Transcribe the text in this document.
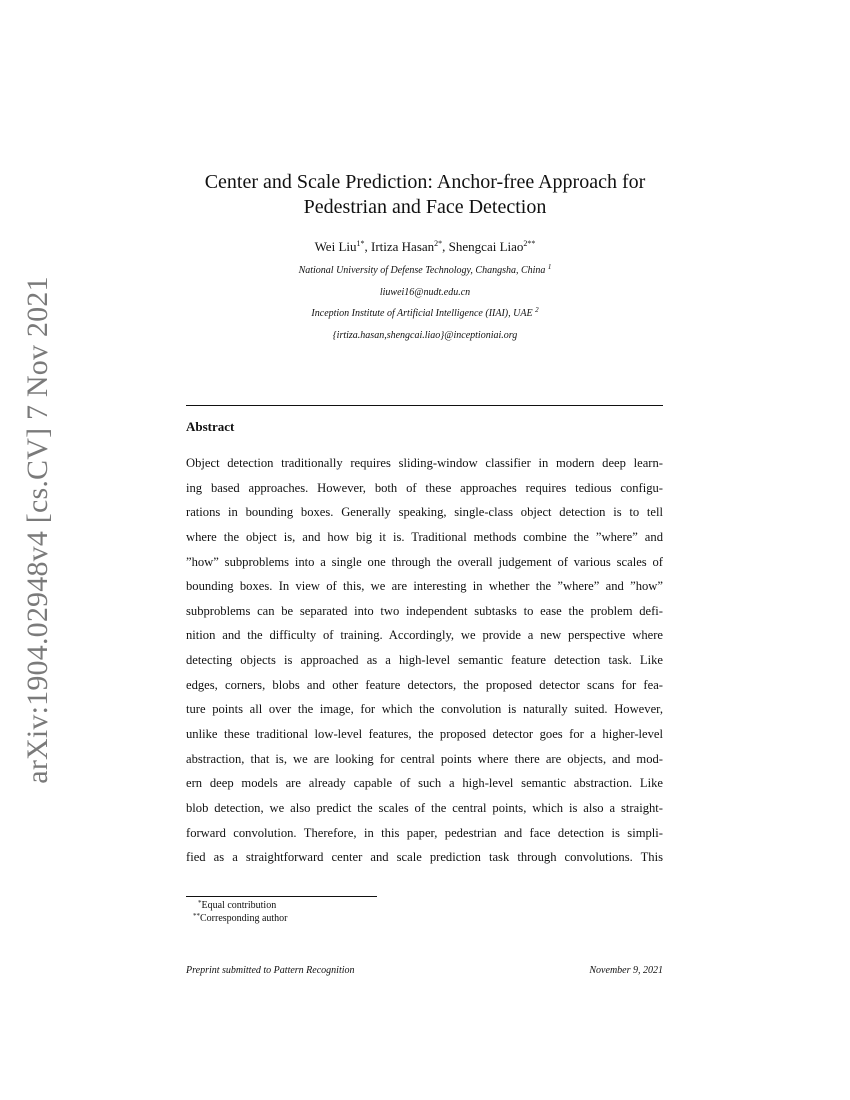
arXiv:1904.02948v4 [cs.CV] 7 Nov 2021
Center and Scale Prediction: Anchor-free Approach for
Pedestrian and Face Detection
Wei Liu$^{1*}$, Irtiza Hasan$^{2*}$, Shengcai Liao$^{2**}$
National University of Defense Technology, Changsha, China $^1$
liuwei16@nudt.edu.cn
Inception Institute of Artificial Intelligence (IIAI), UAE $^2$
{irtiza.hasan,shengcai.liao}@inceptioniai.org
Abstract
Object detection traditionally requires sliding-window classifier in modern deep learn-
ing based approaches. However, both of these approaches requires tedious configu-
rations in bounding boxes. Generally speaking, single-class object detection is to tell
where the object is, and how big it is. Traditional methods combine the ”where” and
”how” subproblems into a single one through the overall judgement of various scales of
bounding boxes. In view of this, we are interesting in whether the ”where” and ”how”
subproblems can be separated into two independent subtasks to ease the problem defi-
nition and the difficulty of training. Accordingly, we provide a new perspective where
detecting objects is approached as a high-level semantic feature detection task. Like
edges, corners, blobs and other feature detectors, the proposed detector scans for fea-
ture points all over the image, for which the convolution is naturally suited. However,
unlike these traditional low-level features, the proposed detector goes for a higher-level
abstraction, that is, we are looking for central points where there are objects, and mod-
ern deep models are already capable of such a high-level semantic abstraction. Like
blob detection, we also predict the scales of the central points, which is also a straight-
forward convolution. Therefore, in this paper, pedestrian and face detection is simpli-
fied as a straightforward center and scale prediction task through convolutions. This
*Equal contribution
**Corresponding author
Preprint submitted to Pattern Recognition	November 9, 2021
